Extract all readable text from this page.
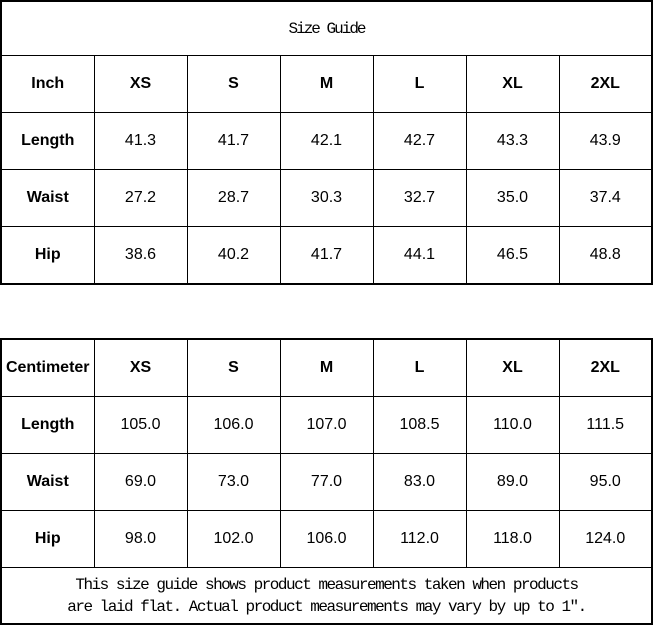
Size Guide						
Inch	XS	S	M	L	XL	2XL
Length	41.3	41.7	42.1	42.7	43.3	43.9
Waist	27.2	28.7	30.3	32.7	35.0	37.4
Hip	38.6	40.2	41.7	44.1	46.5	48.8
Centimeter	XS	S	M	L	XL	2XL
Length	105.0	106.0	107.0	108.5	110.0	111.5
Waist	69.0	73.0	77.0	83.0	89.0	95.0
Hip	98.0	102.0	106.0	112.0	118.0	124.0

This size guide shows product measurements taken when products
are laid flat. Actual product measurements may vary by up to 1″.						
